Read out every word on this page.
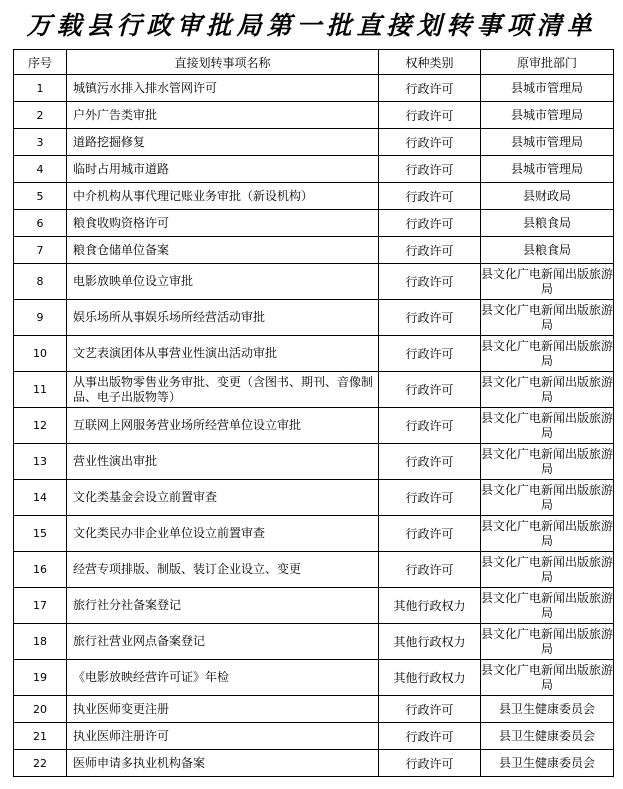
万载县行政审批局第一批直接划转事项清单
序号	直接划转事项名称	权种类别	原审批部门
1	城镇污水排入排水管网许可	行政许可	县城市管理局
2	户外广告类审批	行政许可	县城市管理局
3	道路挖掘修复	行政许可	县城市管理局
4	临时占用城市道路	行政许可	县城市管理局
5	中介机构从事代理记账业务审批（新设机构）	行政许可	县财政局
6	粮食收购资格许可	行政许可	县粮食局
7	粮食仓储单位备案	行政许可	县粮食局
8	电影放映单位设立审批	行政许可	县文化广电新闻出版旅游局
9	娱乐场所从事娱乐场所经营活动审批	行政许可	县文化广电新闻出版旅游局
10	文艺表演团体从事营业性演出活动审批	行政许可	县文化广电新闻出版旅游局
11	从事出版物零售业务审批、变更（含图书、期刊、音像制品、电子出版物等）	行政许可	县文化广电新闻出版旅游局
12	互联网上网服务营业场所经营单位设立审批	行政许可	县文化广电新闻出版旅游局
13	营业性演出审批	行政许可	县文化广电新闻出版旅游局
14	文化类基金会设立前置审查	行政许可	县文化广电新闻出版旅游局
15	文化类民办非企业单位设立前置审查	行政许可	县文化广电新闻出版旅游局
16	经营专项排版、制版、装订企业设立、变更	行政许可	县文化广电新闻出版旅游局
17	旅行社分社备案登记	其他行政权力	县文化广电新闻出版旅游局
18	旅行社营业网点备案登记	其他行政权力	县文化广电新闻出版旅游局
19	《电影放映经营许可证》年检	其他行政权力	县文化广电新闻出版旅游局
20	执业医师变更注册	行政许可	县卫生健康委员会
21	执业医师注册许可	行政许可	县卫生健康委员会
22	医师申请多执业机构备案	行政许可	县卫生健康委员会
